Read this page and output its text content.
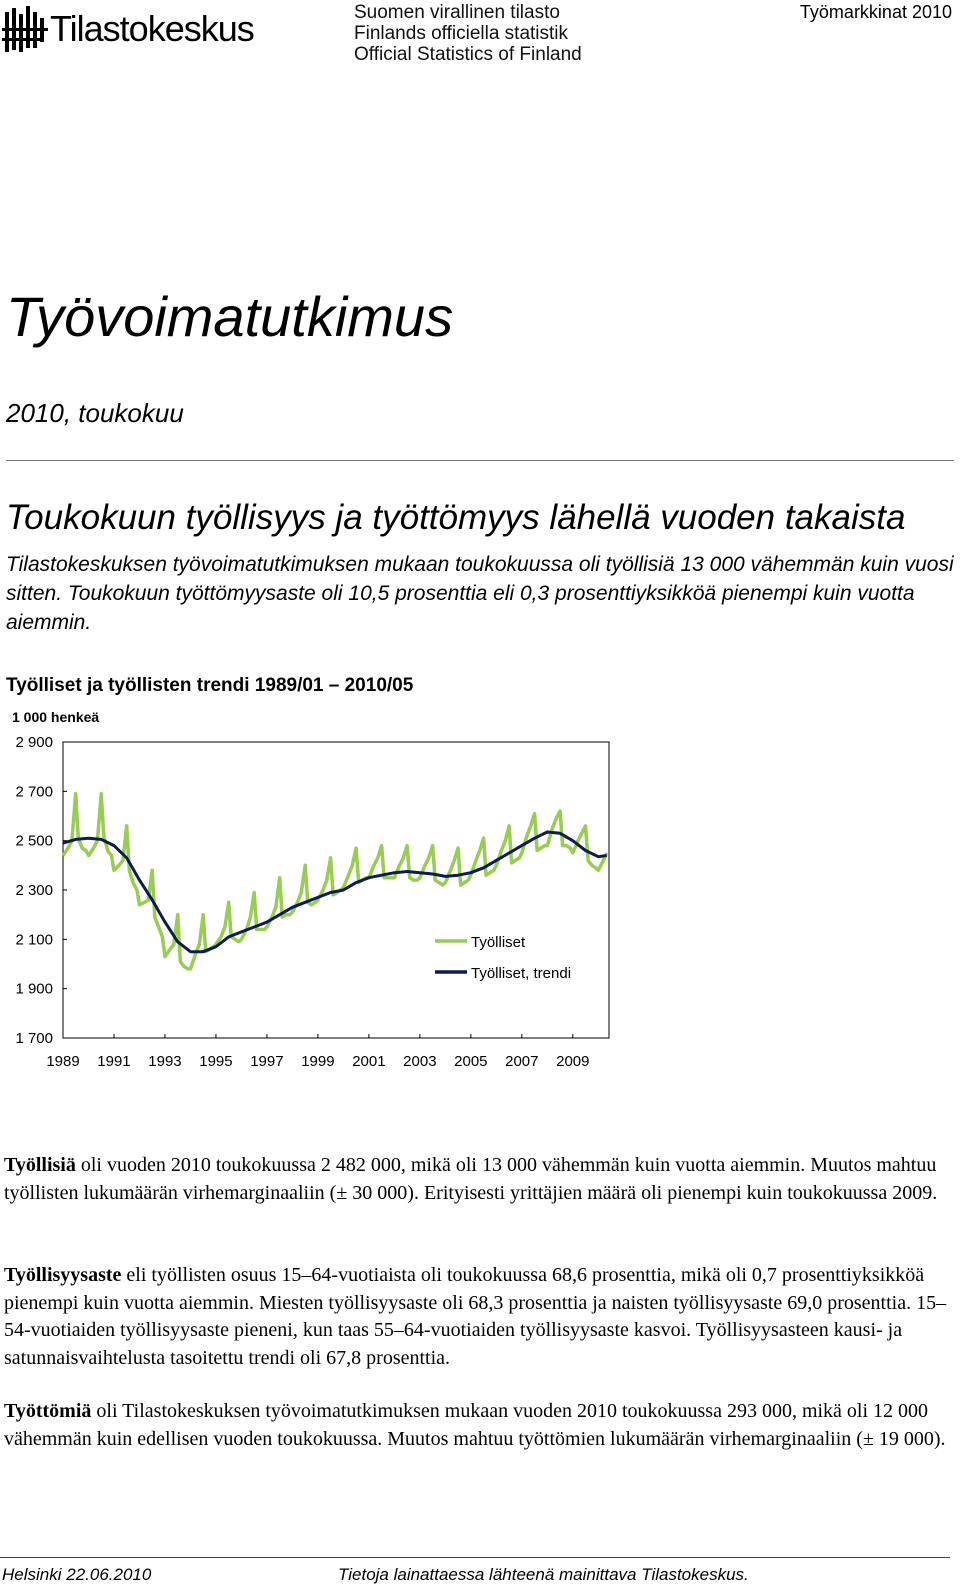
Tilastokeskus	Suomen virallinen tilasto
Finlands officiella statistik
Official Statistics of Finland
Työmarkkinat 2010
Työvoimatutkimus
2010, toukokuu
Toukokuun työllisyys ja työttömyys lähellä vuoden takaista
Tilastokeskuksen työvoimatutkimuksen mukaan toukokuussa oli työllisiä 13 000 vähemmän kuin vuosi sitten. Toukokuun työttömyysaste oli 10,5 prosenttia eli 0,3 prosenttiyksikköä pienempi kuin vuotta aiemmin.
Työlliset ja työllisten trendi 1989/01 – 2010/05
1 700
1 900
2 100
2 300
2 500
2 700
2 900
1 000 henkeä
1989 1991 1993 1995 1997 1999 2001 2003 2005 2007 2009
Työlliset
Työlliset, trendi
Työllisiä oli vuoden 2010 toukokuussa 2 482 000, mikä oli 13 000 vähemmän kuin vuotta aiemmin. Muutos mahtuu työllisten lukumäärän virhemarginaaliin (± 30 000). Erityisesti yrittäjien määrä oli pienempi kuin toukokuussa 2009.
Työllisyysaste eli työllisten osuus 15–64-vuotiaista oli toukokuussa 68,6 prosenttia, mikä oli 0,7 prosenttiyksikköä pienempi kuin vuotta aiemmin. Miesten työllisyysaste oli 68,3 prosenttia ja naisten työllisyysaste 69,0 prosenttia. 15–54-vuotiaiden työllisyysaste pieneni, kun taas 55–64-vuotiaiden työllisyysaste kasvoi. Työllisyysasteen kausi- ja satunnaisvaihtelusta tasoitettu trendi oli 67,8 prosenttia.
Työttömiä oli Tilastokeskuksen työvoimatutkimuksen mukaan vuoden 2010 toukokuussa 293 000, mikä oli 12 000 vähemmän kuin edellisen vuoden toukokuussa. Muutos mahtuu työttömien lukumäärän virhemarginaaliin (± 19 000).
Helsinki 22.06.2010	Tietoja lainattaessa lähteenä mainittava Tilastokeskus.
